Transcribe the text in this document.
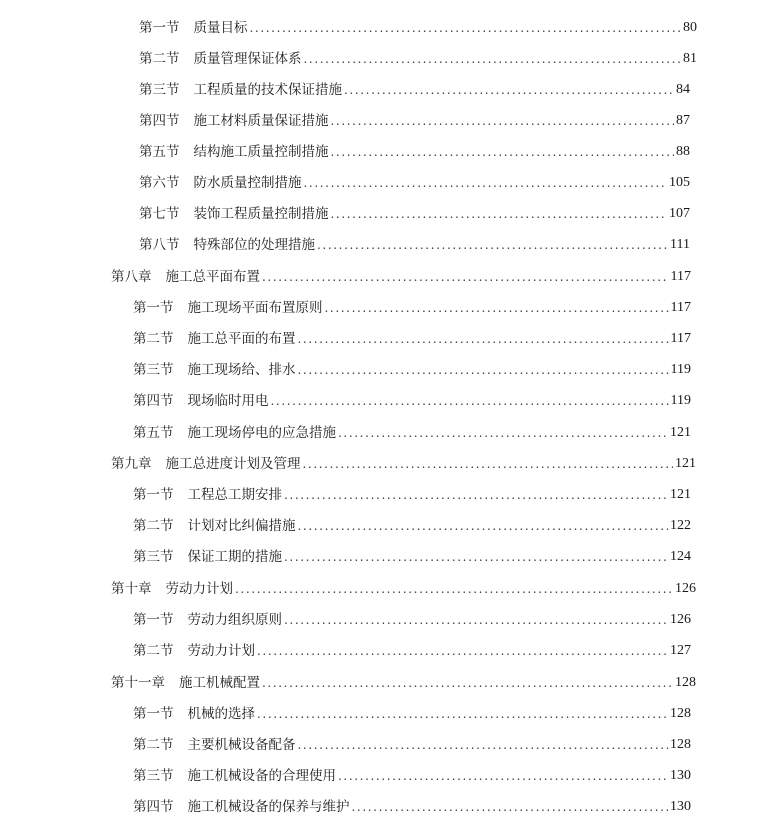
第一节 质量目标 .....	80
第二节 质量管理保证体系 .....	81
第三节 工程质量的技术保证措施 .....	84
第四节 施工材料质量保证措施 .....	87
第五节 结构施工质量控制措施 .....	88
第六节 防水质量控制措施 .....	105
第七节 装饰工程质量控制措施 .....	107
第八节 特殊部位的处理措施 .....	111
第八章 施工总平面布置 .....	117
第一节 施工现场平面布置原则 .....	117
第二节 施工总平面的布置 .....	117
第三节 施工现场给、排水 .....	119
第四节 现场临时用电 .....	119
第五节 施工现场停电的应急措施 .....	121
第九章 施工总进度计划及管理 .....	121
第一节 工程总工期安排 .....	121
第二节 计划对比纠偏措施 .....	122
第三节 保证工期的措施 .....	124
第十章 劳动力计划 .....	126
第一节 劳动力组织原则 .....	126
第二节 劳动力计划 .....	127
第十一章 施工机械配置 .....	128
第一节 机械的选择 .....	128
第二节 主要机械设备配备 .....	128
第三节 施工机械设备的合理使用 .....	130
第四节 施工机械设备的保养与维护 .....	130
